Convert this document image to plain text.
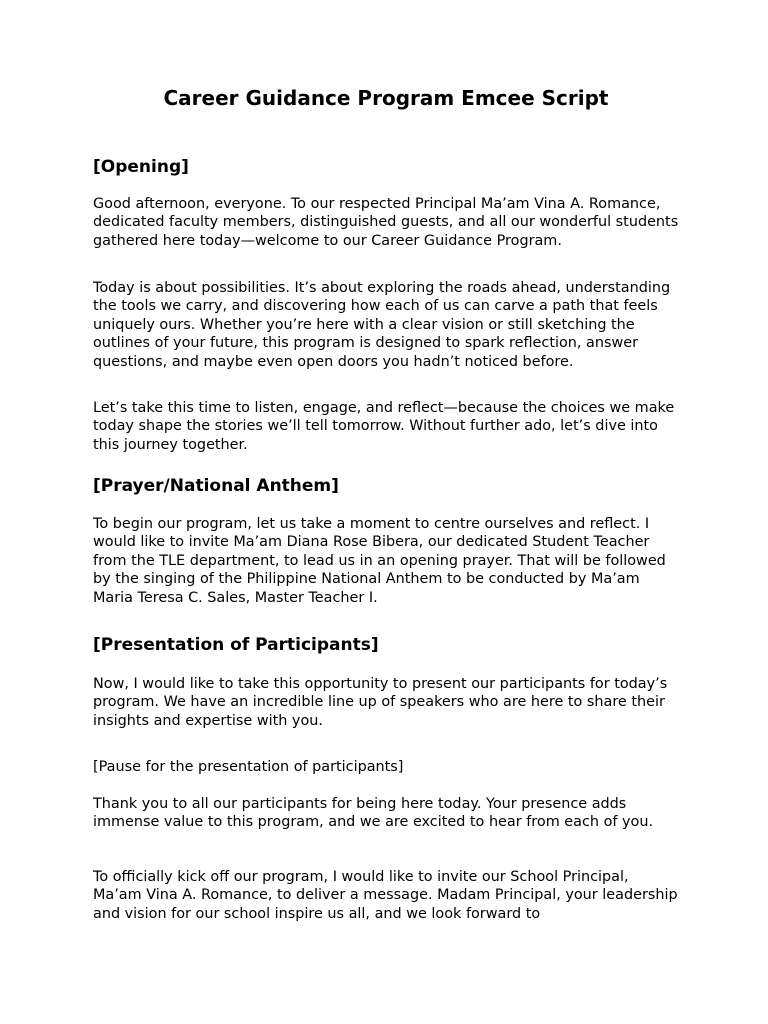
Career Guidance Program Emcee Script
[Opening]

Good afternoon, everyone. To our respected Principal Ma’am Vina A. Romance, dedicated faculty members, distinguished guests, and all our wonderful students gathered here today—welcome to our Career Guidance Program.

Today is about possibilities. It’s about exploring the roads ahead, understanding the tools we carry, and discovering how each of us can carve a path that feels uniquely ours. Whether you’re here with a clear vision or still sketching the outlines of your future, this program is designed to spark reflection, answer questions, and maybe even open doors you hadn’t noticed before.

Let’s take this time to listen, engage, and reflect—because the choices we make today shape the stories we’ll tell tomorrow. Without further ado, let’s dive into this journey together.

[Prayer/National Anthem]

To begin our program, let us take a moment to centre ourselves and reflect. I would like to invite Ma’am Diana Rose Bibera, our dedicated Student Teacher from the TLE department, to lead us in an opening prayer. That will be followed by the singing of the Philippine National Anthem to be conducted by Ma’am Maria Teresa C. Sales, Master Teacher I.

[Presentation of Participants]

Now, I would like to take this opportunity to present our participants for today’s program. We have an incredible line up of speakers who are here to share their insights and expertise with you.

[Pause for the presentation of participants]

Thank you to all our participants for being here today. Your presence adds immense value to this program, and we are excited to hear from each of you.

To officially kick off our program, I would like to invite our School Principal, Ma’am Vina A. Romance, to deliver a message. Madam Principal, your leadership and vision for our school inspire us all, and we look forward to
